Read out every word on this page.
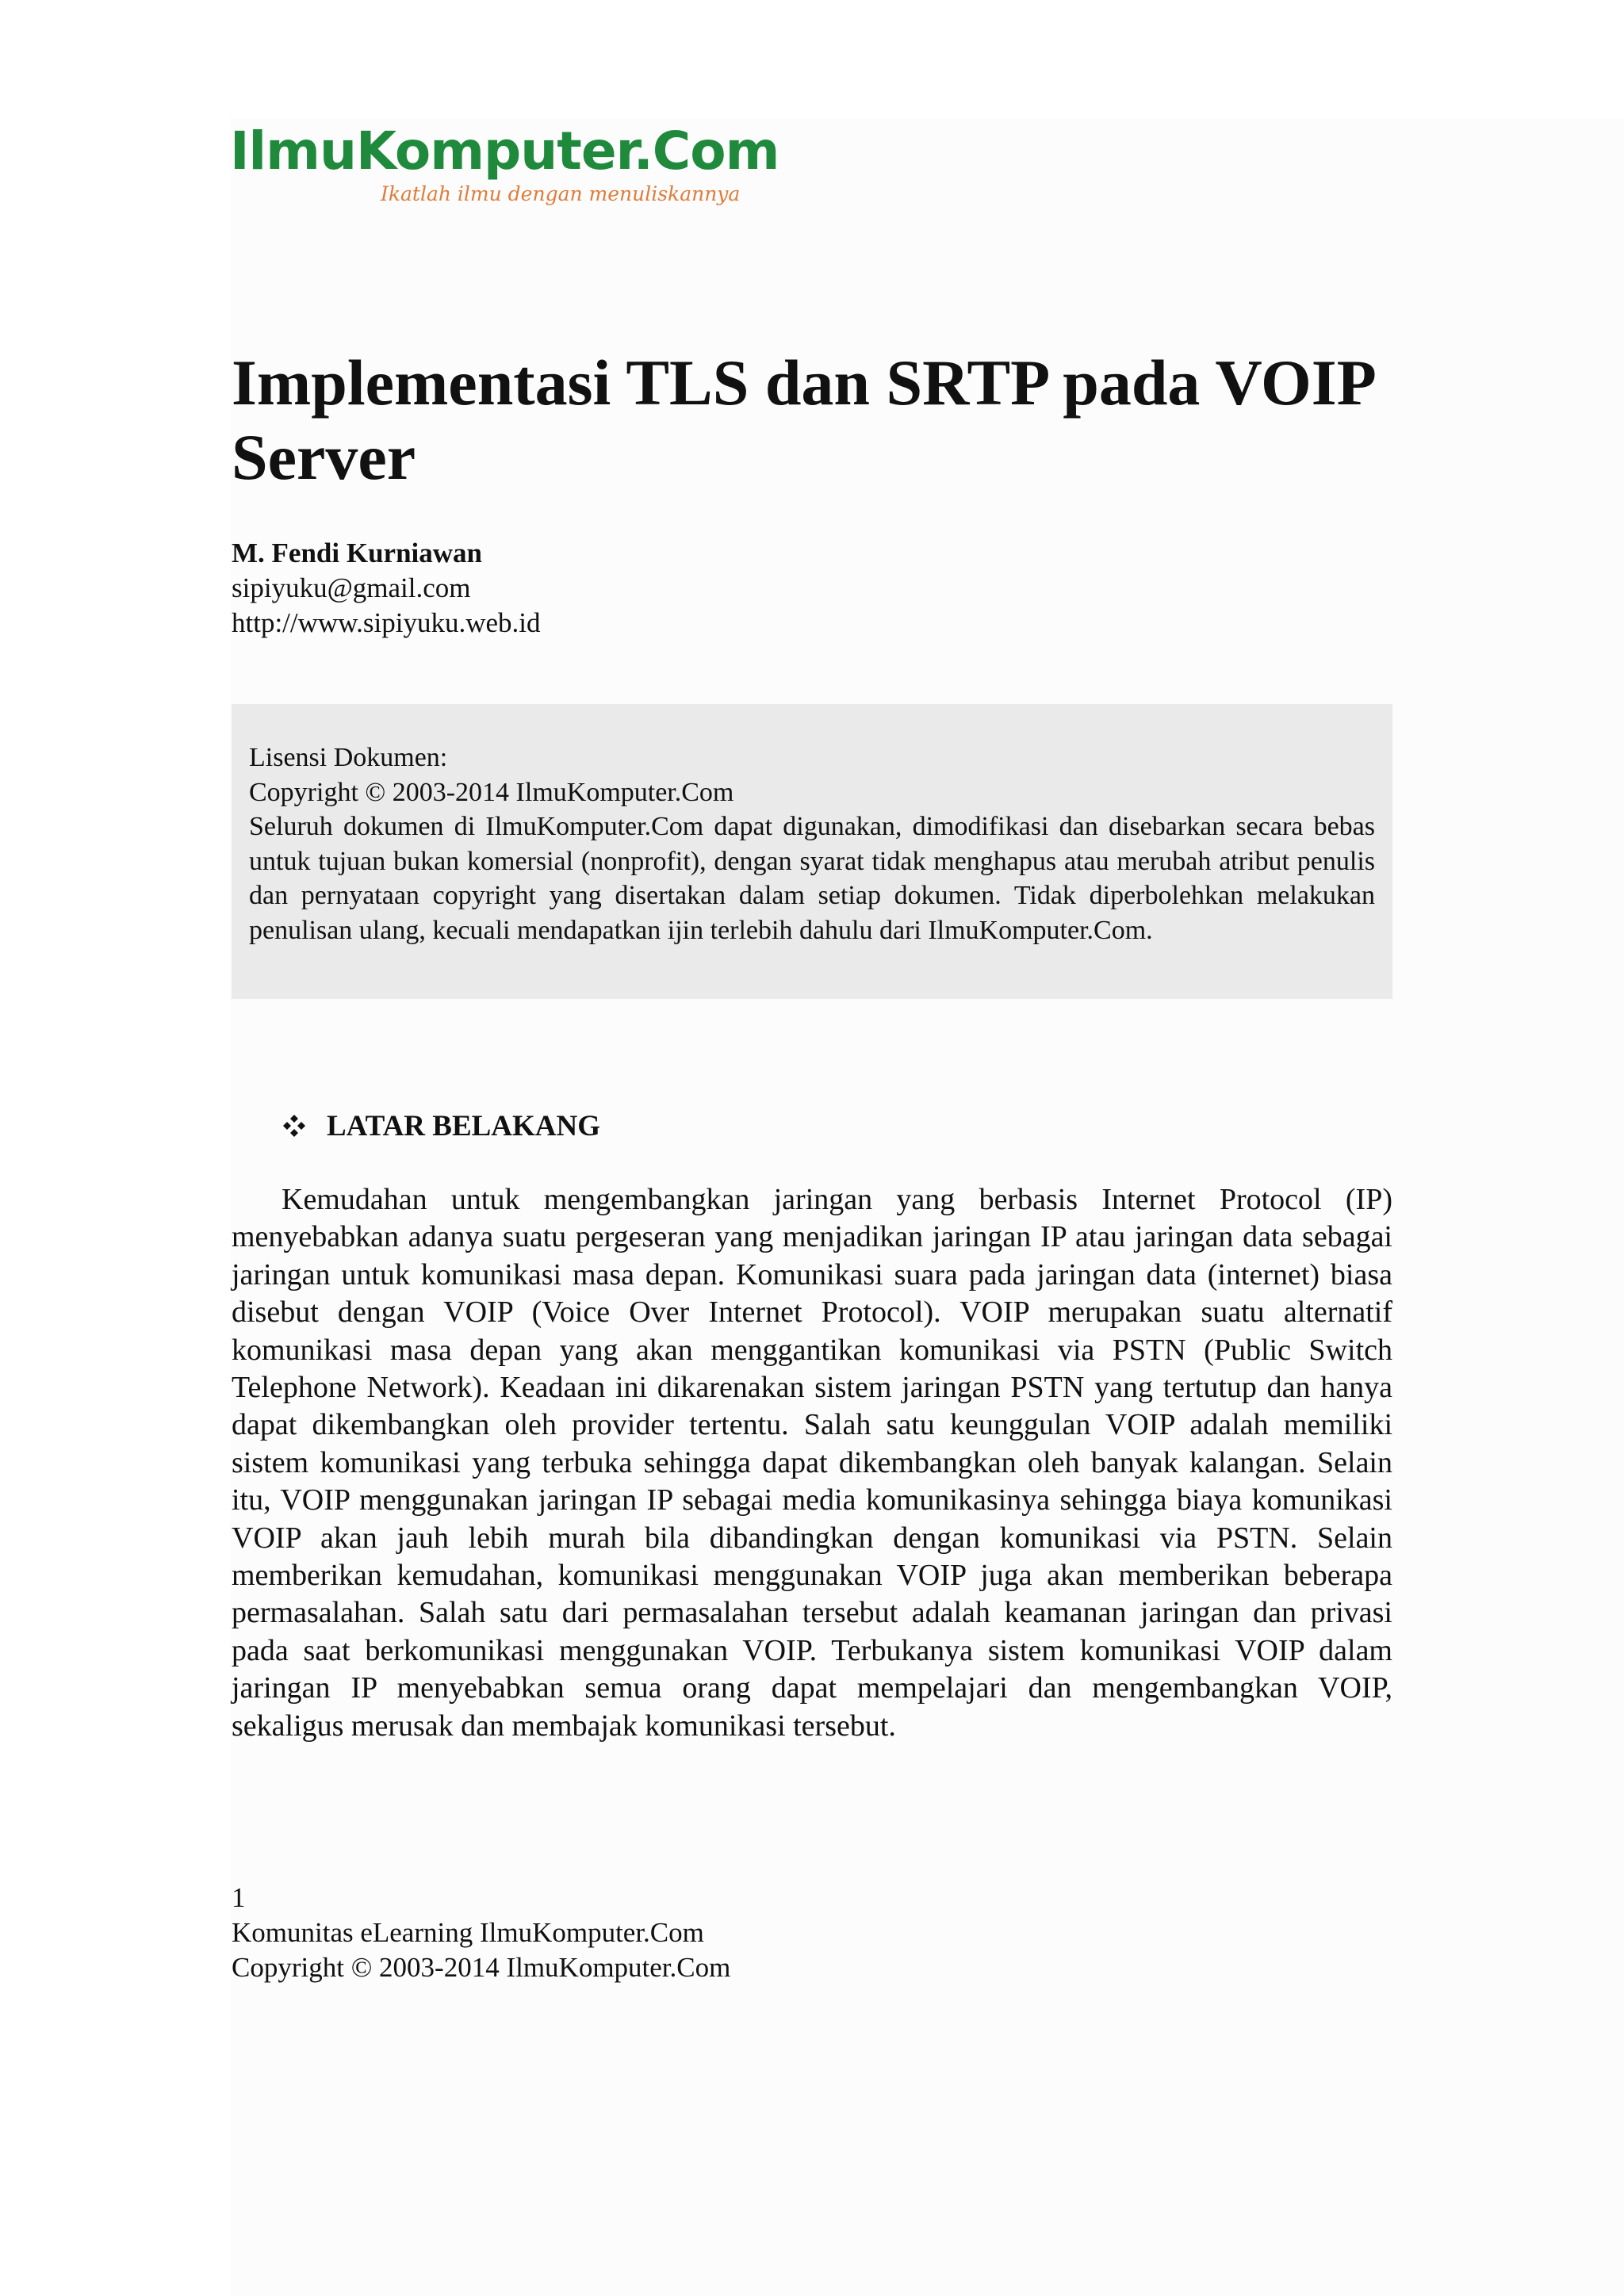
IlmuKomputer.Com
Ikatlah ilmu dengan menuliskannya
Implementasi TLS dan SRTP pada VOIP Server
M. Fendi Kurniawan
sipiyuku@gmail.com
http://www.sipiyuku.web.id
Lisensi Dokumen:
Copyright © 2003-2014 IlmuKomputer.Com
Seluruh dokumen di IlmuKomputer.Com dapat digunakan, dimodifikasi dan disebarkan secara bebas untuk tujuan bukan komersial (nonprofit), dengan syarat tidak menghapus atau merubah atribut penulis dan pernyataan copyright yang disertakan dalam setiap dokumen. Tidak diperbolehkan melakukan penulisan ulang, kecuali mendapatkan ijin terlebih dahulu dari IlmuKomputer.Com.
LATAR BELAKANG

Kemudahan untuk mengembangkan jaringan yang berbasis Internet Protocol (IP) menyebabkan adanya suatu pergeseran yang menjadikan jaringan IP atau jaringan data sebagai jaringan untuk komunikasi masa depan. Komunikasi suara pada jaringan data (internet) biasa disebut dengan VOIP (Voice Over Internet Protocol). VOIP merupakan suatu alternatif komunikasi masa depan yang akan menggantikan komunikasi via PSTN (Public Switch Telephone Network). Keadaan ini dikarenakan sistem jaringan PSTN yang tertutup dan hanya dapat dikembangkan oleh provider tertentu. Salah satu keunggulan VOIP adalah memiliki sistem komunikasi yang terbuka sehingga dapat dikembangkan oleh banyak kalangan. Selain itu, VOIP menggunakan jaringan IP sebagai media komunikasinya sehingga biaya komunikasi VOIP akan jauh lebih murah bila dibandingkan dengan komunikasi via PSTN. Selain memberikan kemudahan, komunikasi menggunakan VOIP juga akan memberikan beberapa permasalahan. Salah satu dari permasalahan tersebut adalah keamanan jaringan dan privasi pada saat berkomunikasi menggunakan VOIP. Terbukanya sistem komunikasi VOIP dalam jaringan IP menyebabkan semua orang dapat mempelajari dan mengembangkan VOIP, sekaligus merusak dan membajak komunikasi tersebut.

1
Komunitas eLearning IlmuKomputer.Com
Copyright © 2003-2014 IlmuKomputer.Com
